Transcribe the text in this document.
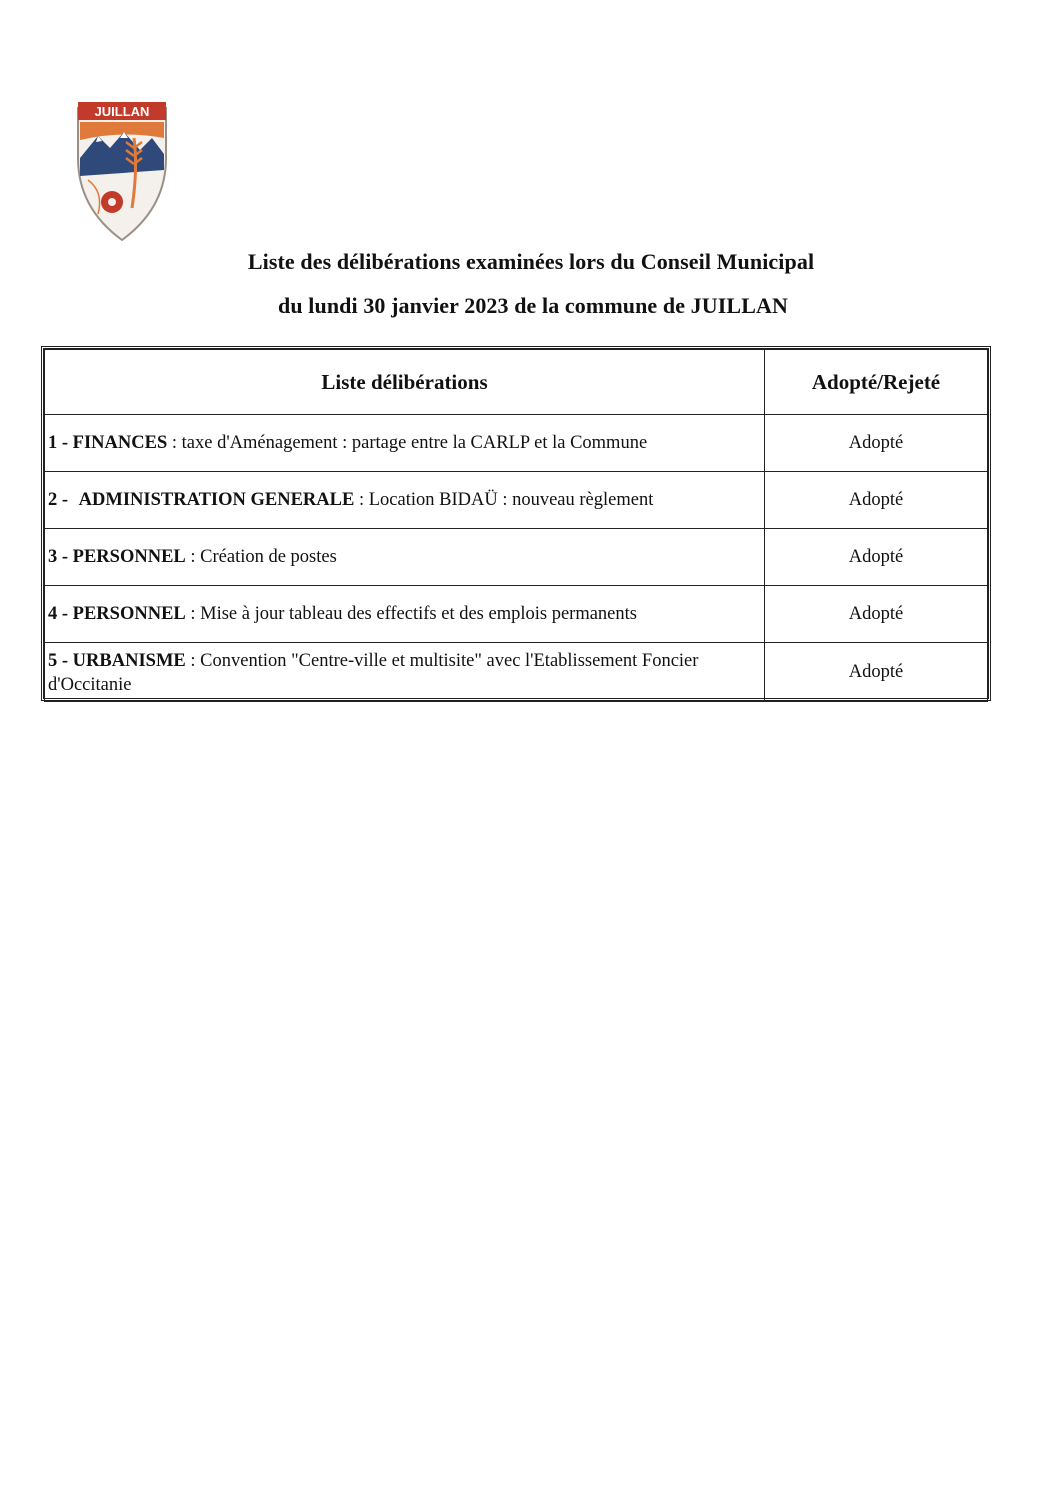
JUILLAN
Liste des délibérations examinées lors du Conseil Municipal
du lundi 30 janvier 2023 de la commune de JUILLAN
Liste délibérations	Adopté/Rejeté
1 - FINANCES : taxe d'Aménagement : partage entre la CARLP et la Commune	Adopté
2 - ADMINISTRATION GENERALE : Location BIDAÜ : nouveau règlement	Adopté
3 - PERSONNEL : Création de postes	Adopté
4 - PERSONNEL : Mise à jour tableau des effectifs et des emplois permanents	Adopté
5 - URBANISME : Convention "Centre-ville et multisite" avec l'Etablissement Foncier d'Occitanie	Adopté
